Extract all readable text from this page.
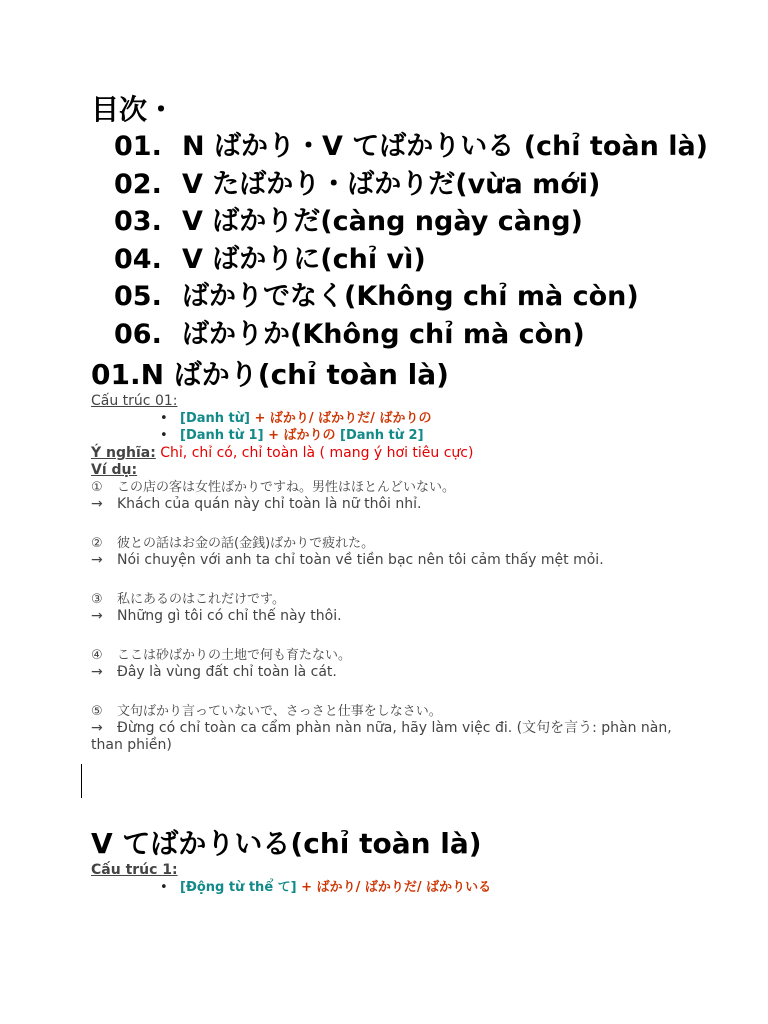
目次・
01. N ばかり・V てばかりいる (chỉ toàn là)
02. V たばかり・ばかりだ(vừa mới)
03. V ばかりだ(càng ngày càng)
04. V ばかりに(chỉ vì)
05. ばかりでなく(Không chỉ mà còn)
06. ばかりか(Không chỉ mà còn)
01.N ばかり(chỉ toàn là)
Cấu trúc 01:
• [Danh từ] + ばかり/ ばかりだ/ ばかりの
• [Danh từ 1] + ばかりの [Danh từ 2]
Ý nghĩa: Chỉ, chỉ có, chỉ toàn là ( mang ý hơi tiêu cực)
Ví dụ:
① この店の客は女性ばかりですね。男性はほとんどいない。
→ Khách của quán này chỉ toàn là nữ thôi nhỉ.
② 彼との話はお金の話(金銭)ばかりで疲れた。
→ Nói chuyện với anh ta chỉ toàn về tiền bạc nên tôi cảm thấy mệt mỏi.
③ 私にあるのはこれだけです。
→ Những gì tôi có chỉ thế này thôi.
④ ここは砂ばかりの土地で何も育たない。
→ Đây là vùng đất chỉ toàn là cát.
⑤ 文句ばかり言っていないで、さっさと仕事をしなさい。
→ Đừng có chỉ toàn ca cẩm phàn nàn nữa, hãy làm việc đi. (文句を言う: phàn nàn, than phiền)
V てばかりいる(chỉ toàn là)
Cấu trúc 1:
• [Động từ thể て] + ばかり/ ばかりだ/ ばかりいる
